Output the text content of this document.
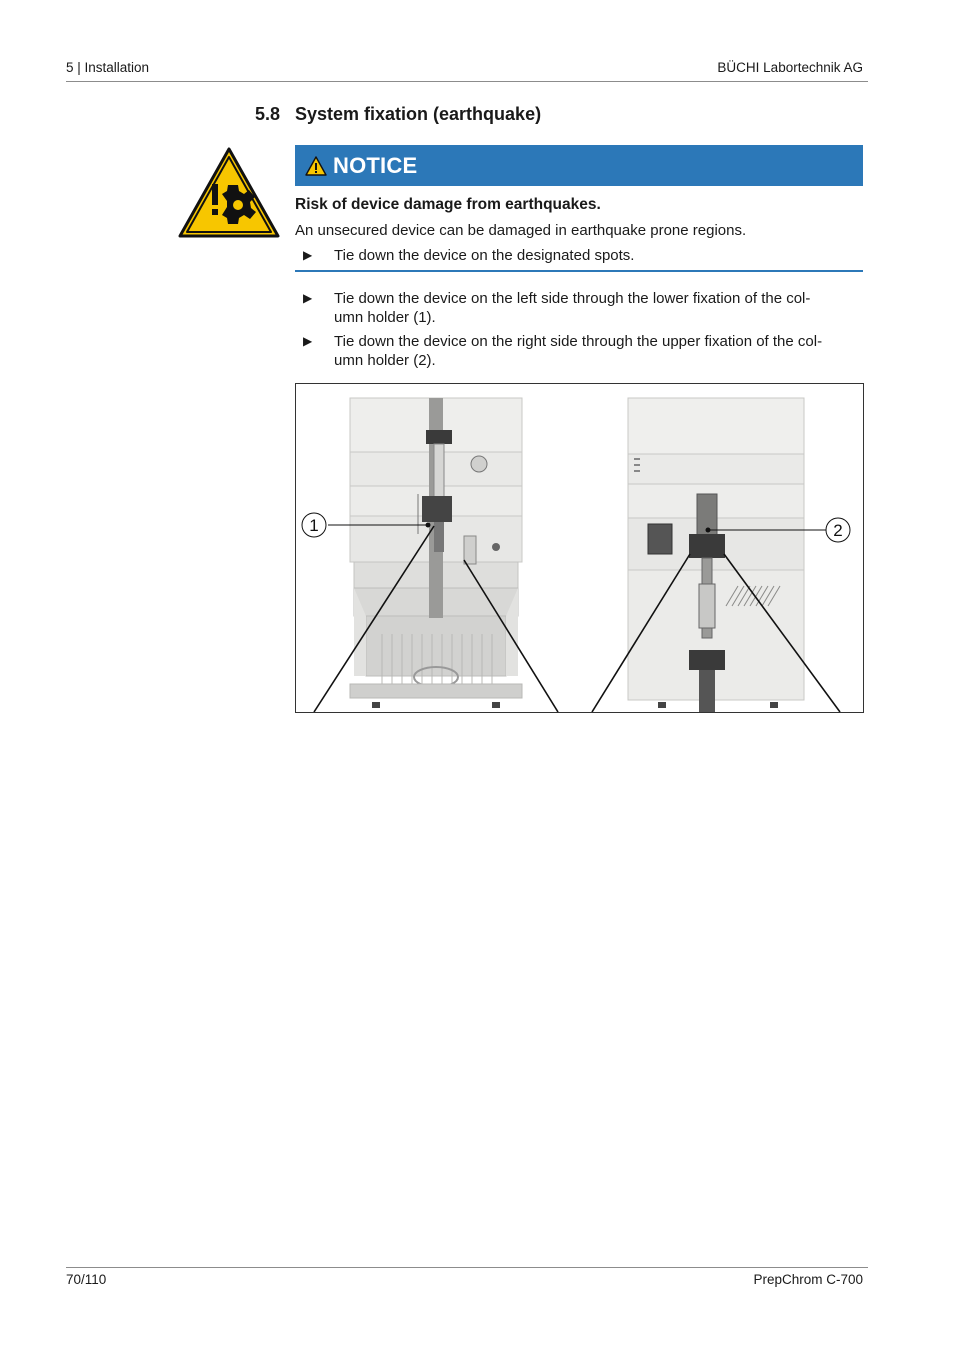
5 | Installation	BÜCHI Labortechnik AG
5.8 System fixation (earthquake)
NOTICE
Risk of device damage from earthquakes.
An unsecured device can be damaged in earthquake prone regions.
▶ Tie down the device on the designated spots.
▶ Tie down the device on the left side through the lower fixation of the col-
umn holder (1).
▶ Tie down the device on the right side through the upper fixation of the col-
umn holder (2).
1	2
70/110	PrepChrom C-700
